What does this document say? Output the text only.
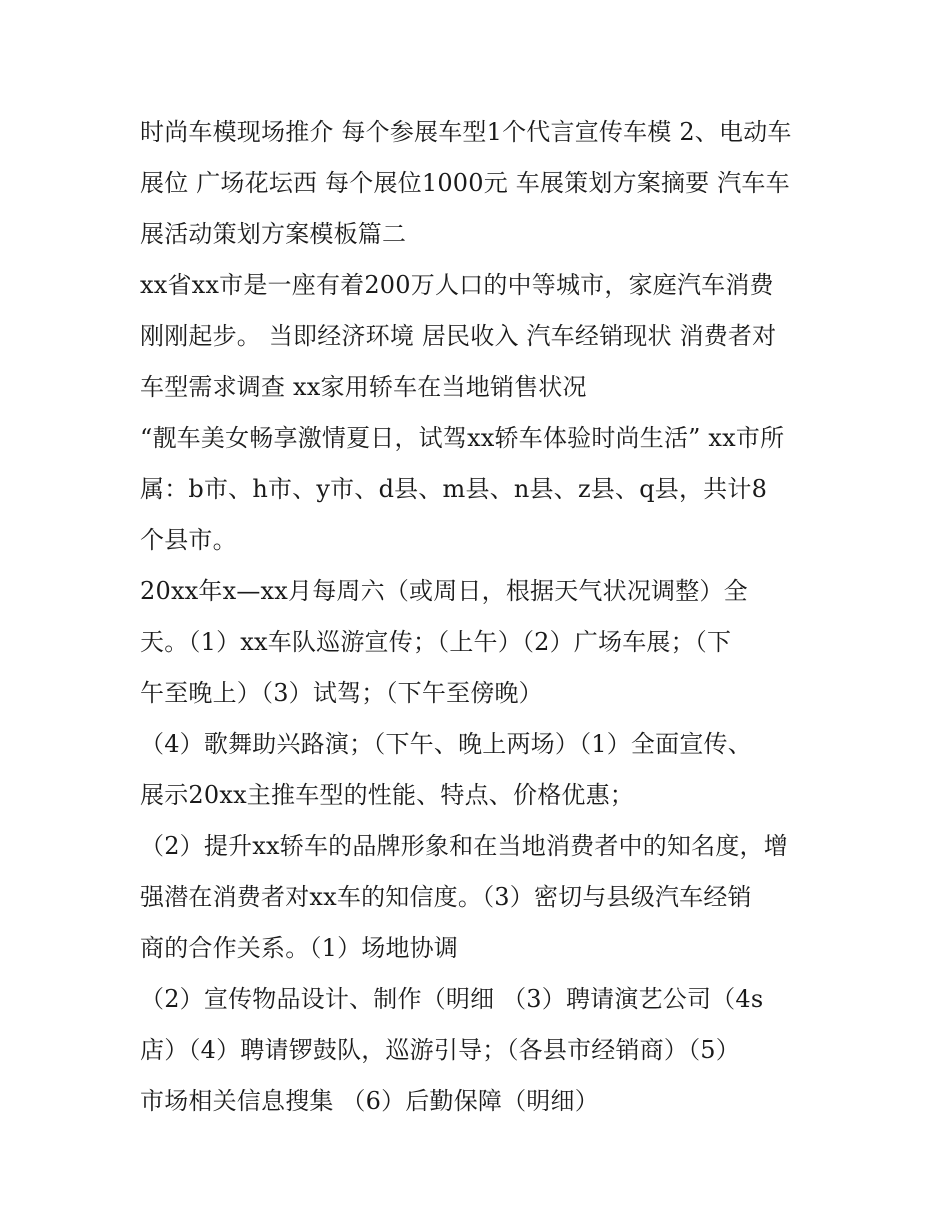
时尚车模现场推介 每个参展车型1个代言宣传车模 2、电动车
展位 广场花坛西 每个展位1000元 车展策划方案摘要 汽车车
展活动策划方案模板篇二
xx省xx市是一座有着200万人口的中等城市，家庭汽车消费
刚刚起步。 当即经济环境 居民收入 汽车经销现状 消费者对
车型需求调查 xx家用轿车在当地销售状况
“靓车美女畅享激情夏日，试驾xx轿车体验时尚生活” xx市所
属：b市、h市、y市、d县、m县、n县、z县、q县，共计8
个县市。
20xx年x—xx月每周六（或周日，根据天气状况调整）全
天。（1）xx车队巡游宣传；（上午）（2）广场车展；（下
午至晚上）（3）试驾；（下午至傍晚）
（4）歌舞助兴路演；（下午、晚上两场）（1）全面宣传、
展示20xx主推车型的性能、特点、价格优惠；
（2）提升xx轿车的品牌形象和在当地消费者中的知名度，增
强潜在消费者对xx车的知信度。（3）密切与县级汽车经销
商的合作关系。（1）场地协调
（2）宣传物品设计、制作（明细 （3）聘请演艺公司（4s
店）（4）聘请锣鼓队，巡游引导；（各县市经销商）（5）
市场相关信息搜集 （6）后勤保障（明细）
